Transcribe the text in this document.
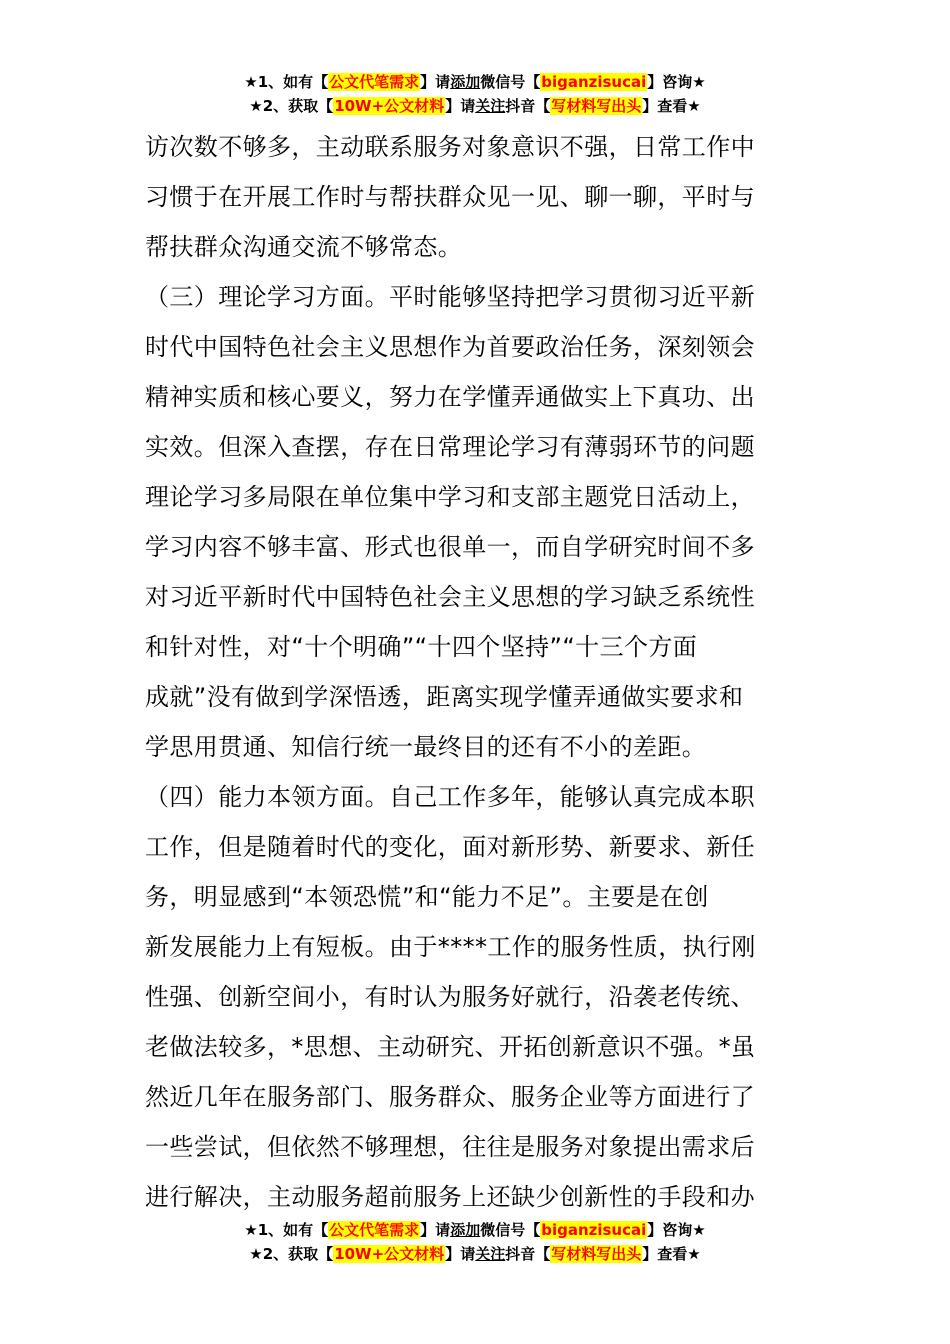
★1、如有【公文代笔需求】请添加微信号【biganzisucai】咨询★
★2、获取【10W+公文材料】请关注抖音【写材料写出头】查看★
访次数不够多，主动联系服务对象意识不强，日常工作中
习惯于在开展工作时与帮扶群众见一见、聊一聊，平时与
帮扶群众沟通交流不够常态。
（三）理论学习方面。平时能够坚持把学习贯彻习近平新
时代中国特色社会主义思想作为首要政治任务，深刻领会
精神实质和核心要义，努力在学懂弄通做实上下真功、出
实效。但深入查摆，存在日常理论学习有薄弱环节的问题
理论学习多局限在单位集中学习和支部主题党日活动上，
学习内容不够丰富、形式也很单一，而自学研究时间不多
对习近平新时代中国特色社会主义思想的学习缺乏系统性
和针对性，对“十个明确”“十四个坚持”“十三个方面
成就”没有做到学深悟透，距离实现学懂弄通做实要求和
学思用贯通、知信行统一最终目的还有不小的差距。
（四）能力本领方面。自己工作多年，能够认真完成本职
工作，但是随着时代的变化，面对新形势、新要求、新任
务，明显感到“本领恐慌”和“能力不足”。主要是在创
新发展能力上有短板。由于****工作的服务性质，执行刚
性强、创新空间小，有时认为服务好就行，沿袭老传统、
老做法较多，*思想、主动研究、开拓创新意识不强。*虽
然近几年在服务部门、服务群众、服务企业等方面进行了
一些尝试，但依然不够理想，往往是服务对象提出需求后
进行解决，主动服务超前服务上还缺少创新性的手段和办
★1、如有【公文代笔需求】请添加微信号【biganzisucai】咨询★
★2、获取【10W+公文材料】请关注抖音【写材料写出头】查看★
